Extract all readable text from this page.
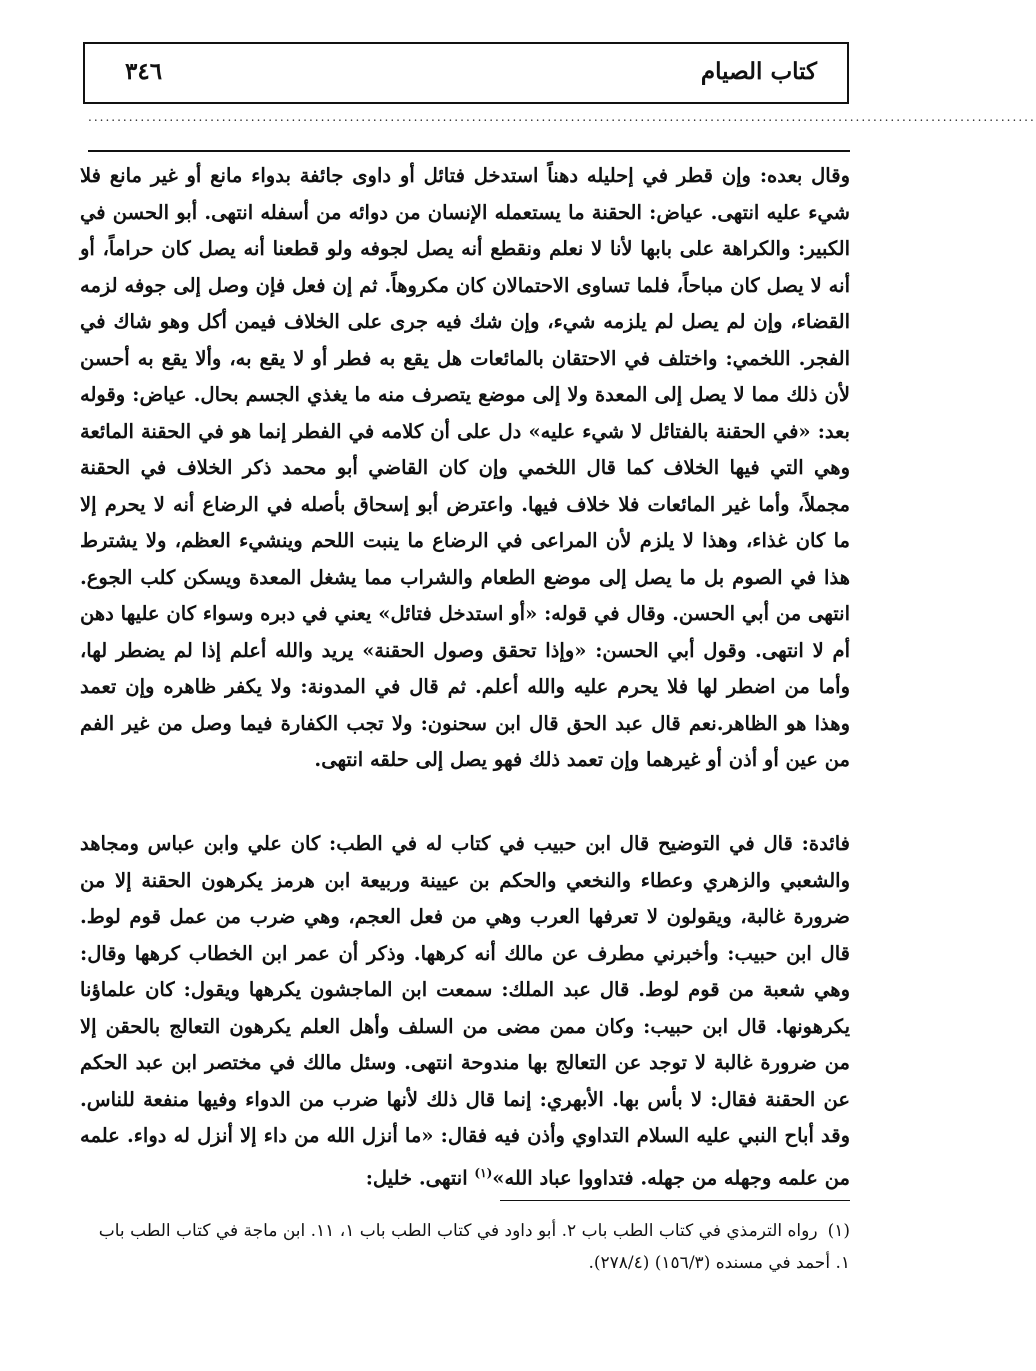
كتاب الصيام
٣٤٦
...................................................................................................................................................................
وقال بعده: وإن قطر في إحليله دهناً استدخل فتائل أو داوى جائفة بدواء مانع أو غير مانع فلا شيء عليه انتهى. عياض: الحقنة ما يستعمله الإنسان من دوائه من أسفله انتهى. أبو الحسن في الكبير: والكراهة على بابها لأنا لا نعلم ونقطع أنه يصل لجوفه ولو قطعنا أنه يصل كان حراماً، أو أنه لا يصل كان مباحاً، فلما تساوى الاحتمالان كان مكروهاً. ثم إن فعل فإن وصل إلى جوفه لزمه القضاء، وإن لم يصل لم يلزمه شيء، وإن شك فيه جرى على الخلاف فيمن أكل وهو شاك في الفجر. اللخمي: واختلف في الاحتقان بالمائعات هل يقع به فطر أو لا يقع به، وألا يقع به أحسن لأن ذلك مما لا يصل إلى المعدة ولا إلى موضع يتصرف منه ما يغذي الجسم بحال. عياض: وقوله بعد: «في الحقنة بالفتائل لا شيء عليه» دل على أن كلامه في الفطر إنما هو في الحقنة المائعة وهي التي فيها الخلاف كما قال اللخمي وإن كان القاضي أبو محمد ذكر الخلاف في الحقنة مجملاً، وأما غير المائعات فلا خلاف فيها. واعترض أبو إسحاق بأصله في الرضاع أنه لا يحرم إلا ما كان غذاء، وهذا لا يلزم لأن المراعى في الرضاع ما ينبت اللحم وينشيء العظم، ولا يشترط هذا في الصوم بل ما يصل إلى موضع الطعام والشراب مما يشغل المعدة ويسكن كلب الجوع. انتهى من أبي الحسن. وقال في قوله: «أو استدخل فتائل» يعني في دبره وسواء كان عليها دهن أم لا انتهى. وقول أبي الحسن: «وإذا تحقق وصول الحقنة» يريد والله أعلم إذا لم يضطر لها، وأما من اضطر لها فلا يحرم عليه والله أعلم. ثم قال في المدونة: ولا يكفر ظاهره وإن تعمد وهذا هو الظاهر.نعم قال عبد الحق قال ابن سحنون: ولا تجب الكفارة فيما وصل من غير الفم من عين أو أذن أو غيرهما وإن تعمد ذلك فهو يصل إلى حلقه انتهى.
فائدة: قال في التوضيح قال ابن حبيب في كتاب له في الطب: كان علي وابن عباس ومجاهد والشعبي والزهري وعطاء والنخعي والحكم بن عيينة وربيعة ابن هرمز يكرهون الحقنة إلا من ضرورة غالبة، ويقولون لا تعرفها العرب وهي من فعل العجم، وهي ضرب من عمل قوم لوط. قال ابن حبيب: وأخبرني مطرف عن مالك أنه كرهها. وذكر أن عمر ابن الخطاب كرهها وقال: وهي شعبة من قوم لوط. قال عبد الملك: سمعت ابن الماجشون يكرهها ويقول: كان علماؤنا يكرهونها. قال ابن حبيب: وكان ممن مضى من السلف وأهل العلم يكرهون التعالج بالحقن إلا من ضرورة غالبة لا توجد عن التعالج بها مندوحة انتهى. وسئل مالك في مختصر ابن عبد الحكم عن الحقنة فقال: لا بأس بها. الأبهري: إنما قال ذلك لأنها ضرب من الدواء وفيها منفعة للناس. وقد أباح النبي عليه السلام التداوي وأذن فيه فقال: «ما أنزل الله من داء إلا أنزل له دواء. علمه من علمه وجهله من جهله. فتداووا عباد الله»$^{(١)}$ انتهى. خليل:
(١)رواه الترمذي في كتاب الطب باب ٢. أبو داود في كتاب الطب باب ١، ١١. ابن ماجة في كتاب الطب باب ١. أحمد في مسنده (١٥٦/٣) (٢٧٨/٤).
